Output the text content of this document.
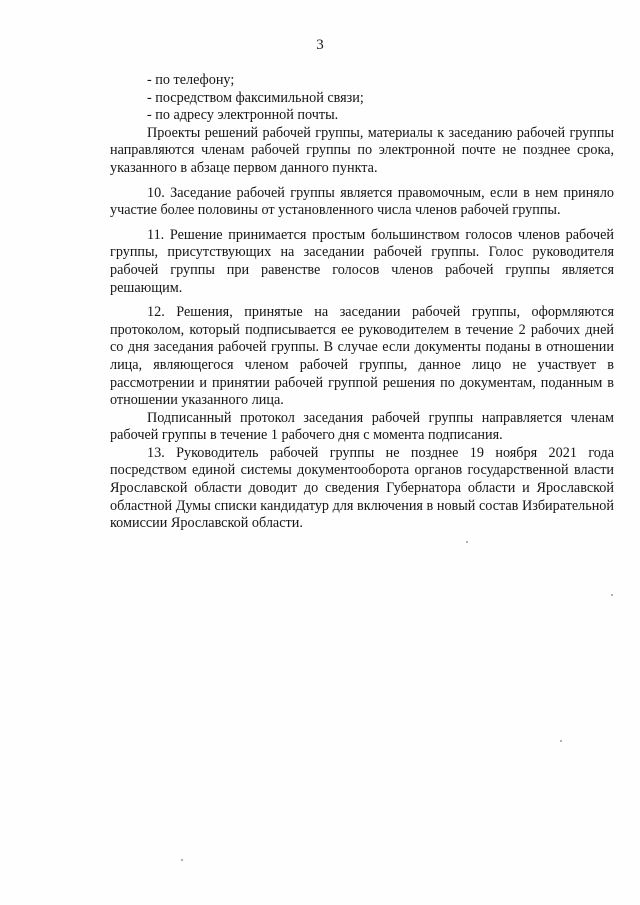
3

- по телефону;

- посредством факсимильной связи;

- по адресу электронной почты.

Проекты решений рабочей группы, материалы к заседанию рабочей группы направляются членам рабочей группы по электронной почте не позднее срока, указанного в абзаце первом данного пункта.

10. Заседание рабочей группы является правомочным, если в нем приняло участие более половины от установленного числа членов рабочей группы.

11. Решение принимается простым большинством голосов членов рабочей группы, присутствующих на заседании рабочей группы. Голос руководителя рабочей группы при равенстве голосов членов рабочей группы является решающим.

12. Решения, принятые на заседании рабочей группы, оформляются протоколом, который подписывается ее руководителем в течение 2 рабочих дней со дня заседания рабочей группы. В случае если документы поданы в отношении лица, являющегося членом рабочей группы, данное лицо не участвует в рассмотрении и принятии рабочей группой решения по документам, поданным в отношении указанного лица.

Подписанный протокол заседания рабочей группы направляется членам рабочей группы в течение 1 рабочего дня с момента подписания.

13. Руководитель рабочей группы не позднее 19 ноября 2021 года посредством единой системы документооборота органов государственной власти Ярославской области доводит до сведения Губернатора области и Ярославской областной Думы списки кандидатур для включения в новый состав Избирательной комиссии Ярославской области.
